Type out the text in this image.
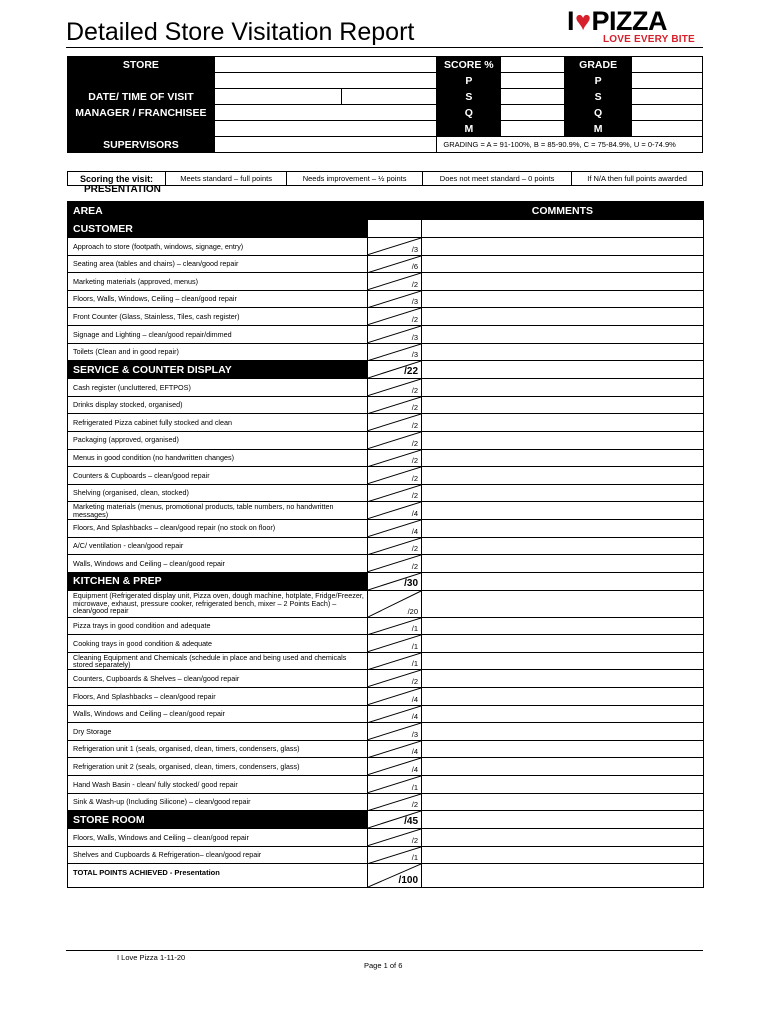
Detailed Store Visitation Report	I♥PIZZA
LOVE EVERY BITE
STORE			SCORE %		GRADE	
			P		P	
DATE/ TIME OF VISIT			S		S	
MANAGER / FRANCHISEE			Q		Q	
			M		M	
SUPERVISORS			GRADING = A = 91-100%, B = 85-90.9%, C = 75-84.9%, U = 0-74.9%			
Scoring the visit:	Meets standard – full points	Needs improvement – ½ points	Does not meet standard – 0 points	If N/A then full points awarded
PRESENTATION
AREA		COMMENTS
CUSTOMER		
Approach to store (footpath, windows, signage, entry)	/3	

Seating area (tables and chairs) – clean/good repair	/6	

Marketing materials (approved, menus)	/2	

Floors, Walls, Windows, Ceiling – clean/good repair	/3	

Front Counter (Glass, Stainless, Tiles, cash register)	/2	

Signage and Lighting – clean/good repair/dimmed	/3	

Toilets (Clean and in good repair)	/3	

SERVICE & COUNTER DISPLAY	/22	

Cash register (uncluttered, EFTPOS)	/2	

Drinks display stocked, organised)	/2	

Refrigerated Pizza cabinet fully stocked and clean	/2	

Packaging (approved, organised)	/2	

Menus in good condition (no handwritten changes)	/2	

Counters & Cupboards – clean/good repair	/2	

Shelving (organised, clean, stocked)	/2	

Marketing materials (menus, promotional products, table numbers, no handwritten messages)	/4	

Floors, And Splashbacks – clean/good repair (no stock on floor)	/4	

A/C/ ventilation - clean/good repair	/2	

Walls, Windows and Ceiling – clean/good repair	/2	

KITCHEN & PREP	/30	

Equipment (Refrigerated display unit, Pizza oven, dough machine, hotplate, Fridge/Freezer, microwave, exhaust, pressure cooker, refrigerated bench, mixer – 2 Points Each) – clean/good repair	/20	

Pizza trays in good condition and adequate	/1	

Cooking trays in good condition & adequate	/1	

Cleaning Equipment and Chemicals (schedule in place and being used and chemicals stored separately)	/1	

Counters, Cupboards & Shelves – clean/good repair	/2	

Floors, And Splashbacks – clean/good repair	/4	

Walls, Windows and Ceiling – clean/good repair	/4	

Dry Storage	/3	

Refrigeration unit 1 (seals, organised, clean, timers, condensers, glass)	/4	

Refrigeration unit 2 (seals, organised, clean, timers, condensers, glass)	/4	

Hand Wash Basin - clean/ fully stocked/ good repair	/1	

Sink & Wash-up (Including Silicone) – clean/good repair	/2	

STORE ROOM	/45	

Floors, Walls, Windows and Ceiling – clean/good repair	/2	

Shelves and Cupboards & Refrigeration– clean/good repair	/1	

TOTAL POINTS ACHIEVED - Presentation	/100	

I Love Pizza 1-11-20
Page 1 of 6
